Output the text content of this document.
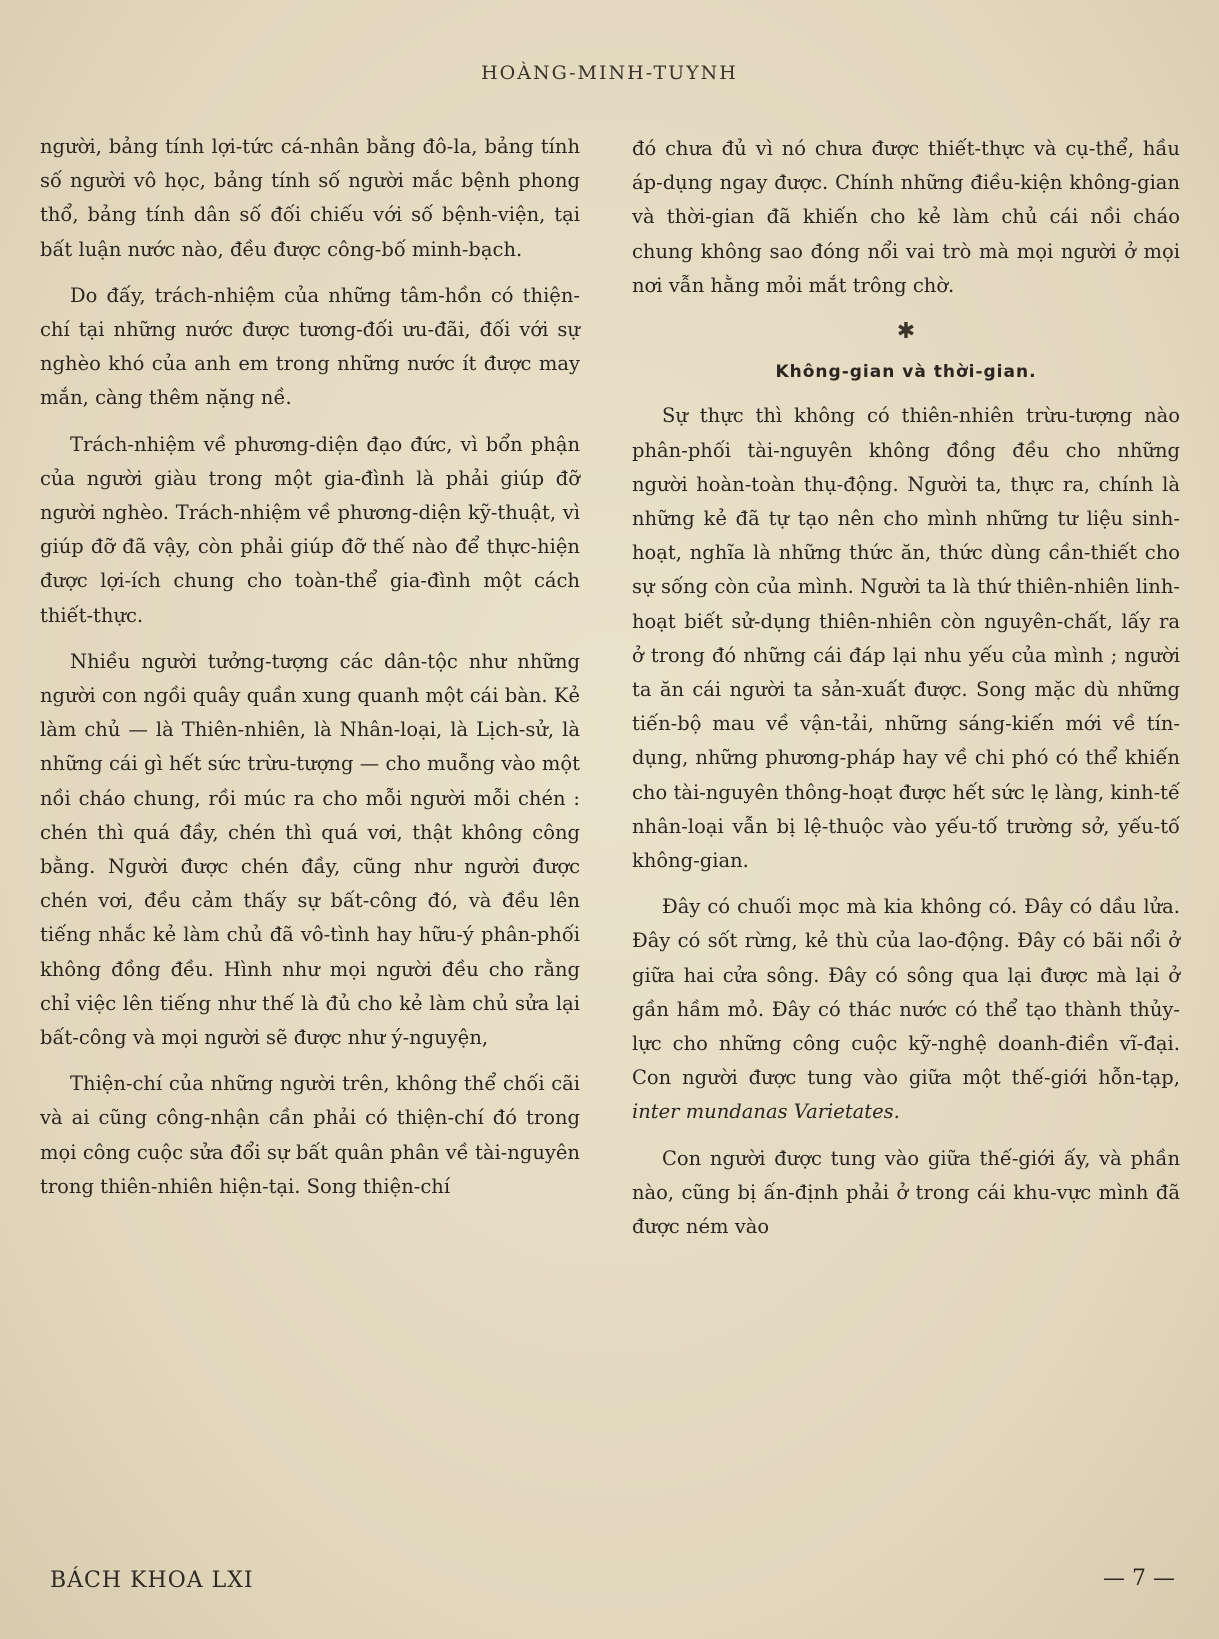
HOÀNG-MINH-TUYNH

người, bảng tính lợi-tức cá-nhân bằng đô-la, bảng tính số người vô học, bảng tính số người mắc bệnh phong thổ, bảng tính dân số đối chiếu với số bệnh-viện, tại bất luận nước nào, đều được công-bố minh-bạch.

Do đấy, trách-nhiệm của những tâm-hồn có thiện-chí tại những nước được tương-đối ưu-đãi, đối với sự nghèo khó của anh em trong những nước ít được may mắn, càng thêm nặng nề.

Trách-nhiệm về phương-diện đạo đức, vì bổn phận của người giàu trong một gia-đình là phải giúp đỡ người nghèo. Trách-nhiệm về phương-diện kỹ-thuật, vì giúp đỡ đã vậy, còn phải giúp đỡ thế nào để thực-hiện được lợi-ích chung cho toàn-thể gia-đình một cách thiết-thực.

Nhiều người tưởng-tượng các dân-tộc như những người con ngồi quây quần xung quanh một cái bàn. Kẻ làm chủ — là Thiên-nhiên, là Nhân-loại, là Lịch-sử, là những cái gì hết sức trừu-tượng — cho muỗng vào một nồi cháo chung, rồi múc ra cho mỗi người mỗi chén : chén thì quá đầy, chén thì quá vơi, thật không công bằng. Người được chén đầy, cũng như người được chén vơi, đều cảm thấy sự bất-công đó, và đều lên tiếng nhắc kẻ làm chủ đã vô-tình hay hữu-ý phân-phối không đồng đều. Hình như mọi người đều cho rằng chỉ việc lên tiếng như thế là đủ cho kẻ làm chủ sửa lại bất-công và mọi người sẽ được như ý-nguyện,

Thiện-chí của những người trên, không thể chối cãi và ai cũng công-nhận cần phải có thiện-chí đó trong mọi công cuộc sửa đổi sự bất quân phân về tài-nguyên trong thiên-nhiên hiện-tại. Song thiện-chí

đó chưa đủ vì nó chưa được thiết-thực và cụ-thể, hầu áp-dụng ngay được. Chính những điều-kiện không-gian và thời-gian đã khiến cho kẻ làm chủ cái nồi cháo chung không sao đóng nổi vai trò mà mọi người ở mọi nơi vẫn hằng mỏi mắt trông chờ.

✱
Không-gian và thời-gian.

Sự thực thì không có thiên-nhiên trừu-tượng nào phân-phối tài-nguyên không đồng đều cho những người hoàn-toàn thụ-động. Người ta, thực ra, chính là những kẻ đã tự tạo nên cho mình những tư liệu sinh-hoạt, nghĩa là những thức ăn, thức dùng cần-thiết cho sự sống còn của mình. Người ta là thứ thiên-nhiên linh-hoạt biết sử-dụng thiên-nhiên còn nguyên-chất, lấy ra ở trong đó những cái đáp lại nhu yếu của mình ; người ta ăn cái người ta sản-xuất được. Song mặc dù những tiến-bộ mau về vận-tải, những sáng-kiến mới về tín-dụng, những phương-pháp hay về chi phó có thể khiến cho tài-nguyên thông-hoạt được hết sức lẹ làng, kinh-tế nhân-loại vẫn bị lệ-thuộc vào yếu-tố trường sở, yếu-tố không-gian.

Đây có chuối mọc mà kia không có. Đây có dầu lửa. Đây có sốt rừng, kẻ thù của lao-động. Đây có bãi nổi ở giữa hai cửa sông. Đây có sông qua lại được mà lại ở gần hầm mỏ. Đây có thác nước có thể tạo thành thủy-lực cho những công cuộc kỹ-nghệ doanh-điền vĩ-đại. Con người được tung vào giữa một thế-giới hỗn-tạp, inter mundanas Varietates.

Con người được tung vào giữa thế-giới ấy, và phần nào, cũng bị ấn-định phải ở trong cái khu-vực mình đã được ném vào

BÁCH KHOA LXI	— 7 —
